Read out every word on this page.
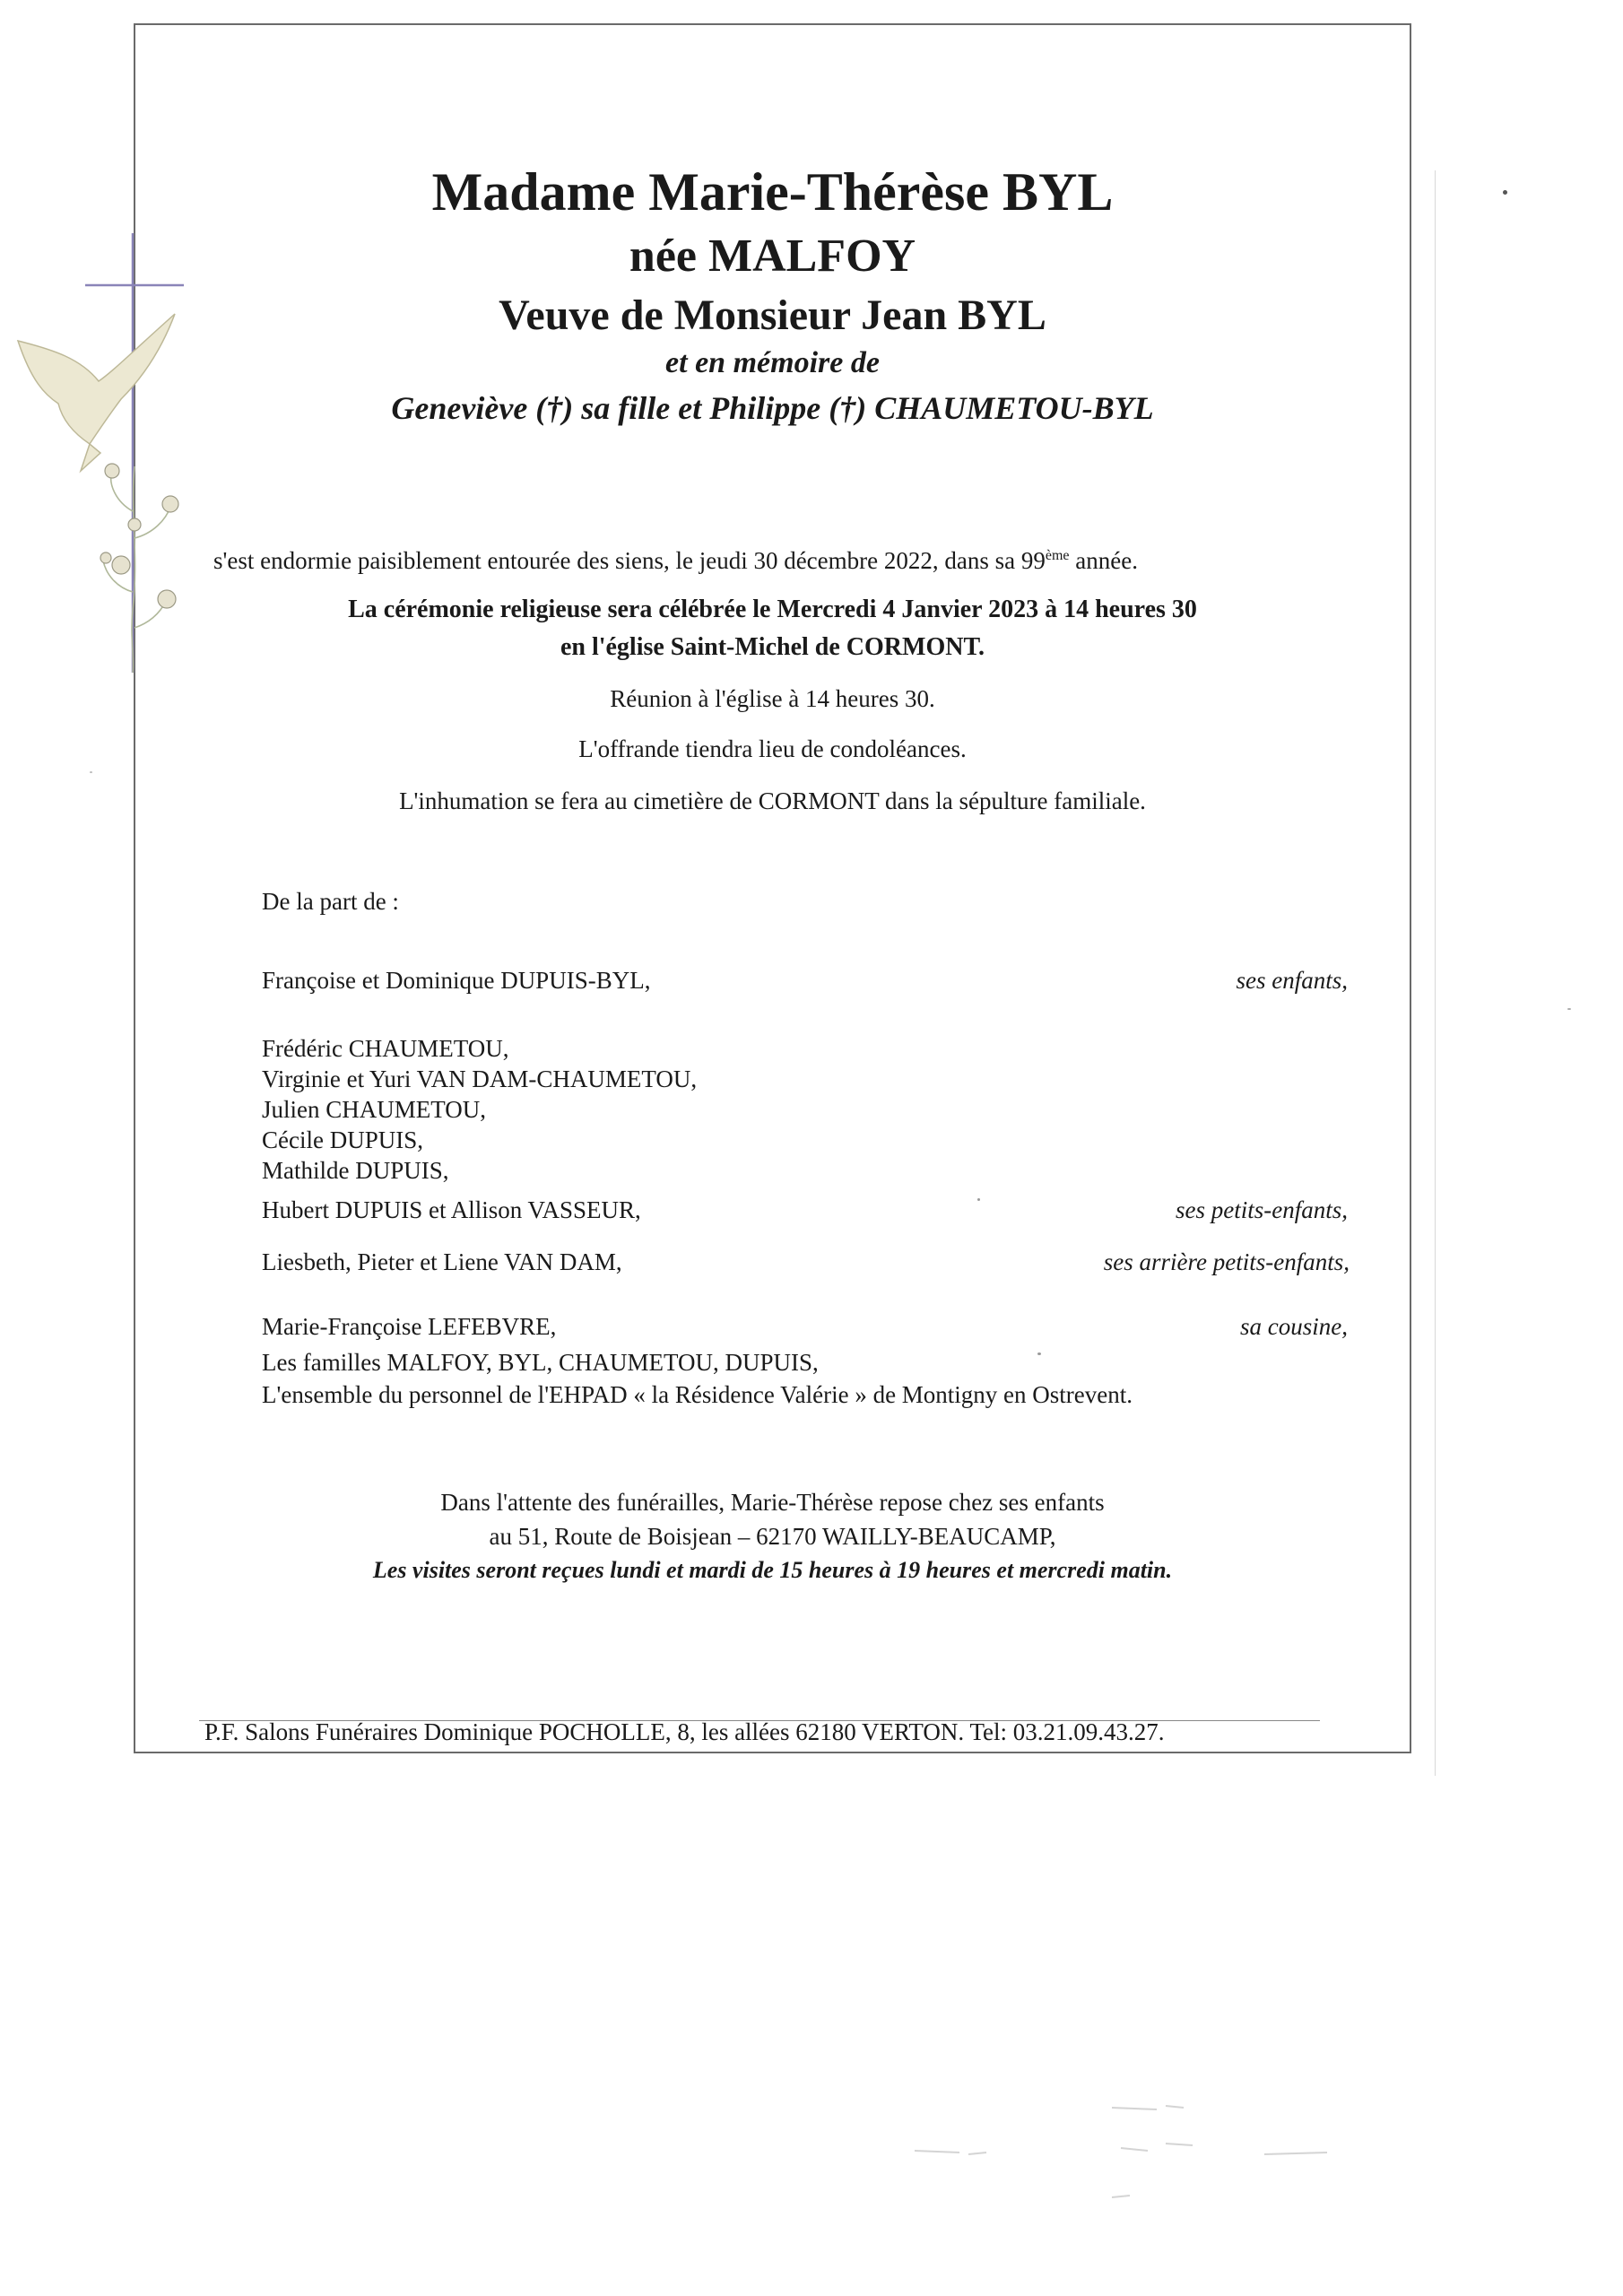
Madame Marie-Thérèse BYL
née MALFOY
Veuve de Monsieur Jean BYL
et en mémoire de
Geneviève (†) sa fille et Philippe (†) CHAUMETOU-BYL
s'est endormie paisiblement entourée des siens, le jeudi 30 décembre 2022, dans sa 99ème année.
La cérémonie religieuse sera célébrée le Mercredi 4 Janvier 2023 à 14 heures 30
en l'église Saint-Michel de CORMONT.
Réunion à l'église à 14 heures 30.
L'offrande tiendra lieu de condoléances.
L'inhumation se fera au cimetière de CORMONT dans la sépulture familiale.
De la part de :
Françoise et Dominique DUPUIS-BYL,	ses enfants,
Frédéric CHAUMETOU,
Virginie et Yuri VAN DAM-CHAUMETOU,
Julien CHAUMETOU,
Cécile DUPUIS,
Mathilde DUPUIS,
Hubert DUPUIS et Allison VASSEUR,	ses petits-enfants,
Liesbeth, Pieter et Liene VAN DAM,	ses arrière petits-enfants,
Marie-Françoise LEFEBVRE,	sa cousine,
Les familles MALFOY, BYL, CHAUMETOU, DUPUIS,
L'ensemble du personnel de l'EHPAD « la Résidence Valérie » de Montigny en Ostrevent.
Dans l'attente des funérailles, Marie-Thérèse repose chez ses enfants
au 51, Route de Boisjean – 62170 WAILLY-BEAUCAMP,
Les visites seront reçues lundi et mardi de 15 heures à 19 heures et mercredi matin.
P.F. Salons Funéraires Dominique POCHOLLE, 8, les allées 62180 VERTON. Tel: 03.21.09.43.27.
